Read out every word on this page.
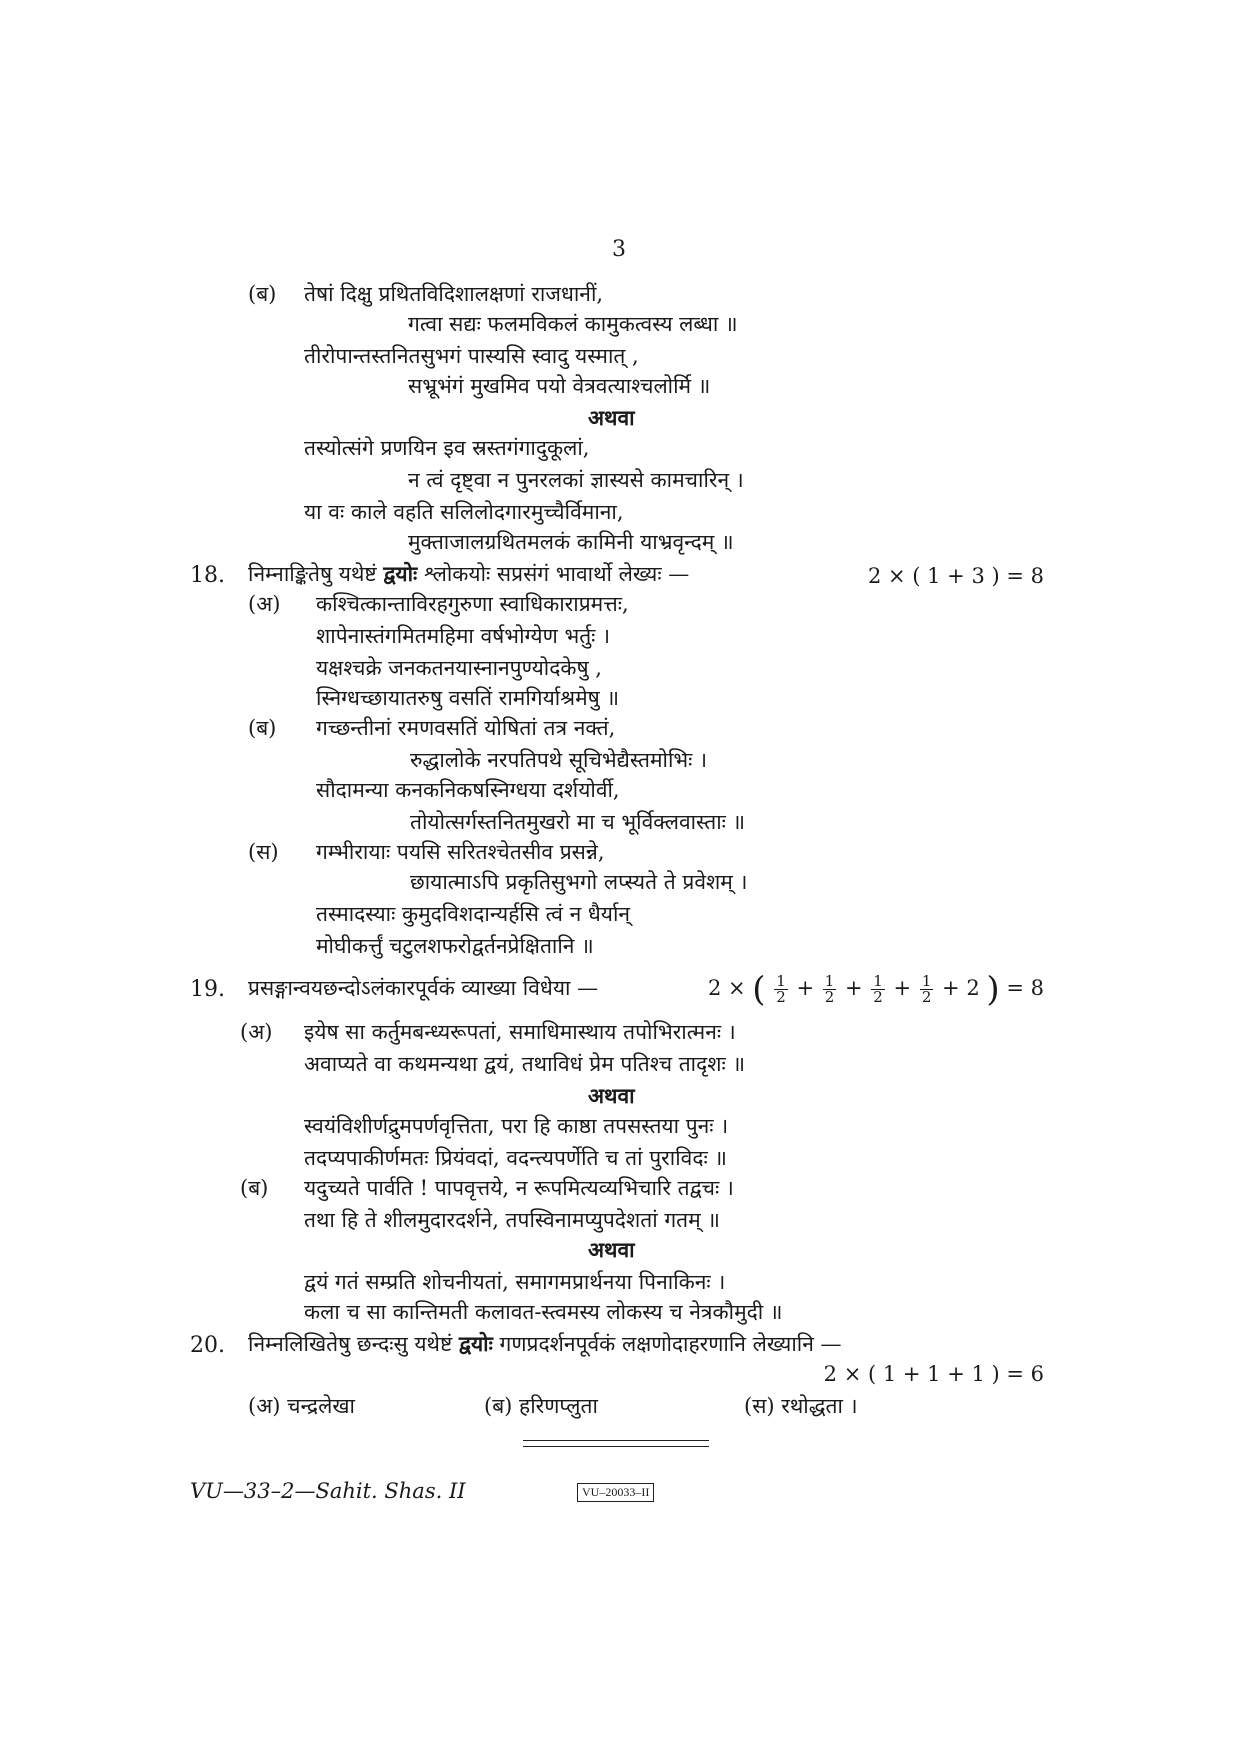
3
(ब) तेषां दिक्षु प्रथितविदिशालक्षणां राजधानीं,
गत्वा सद्यः फलमविकलं कामुकत्वस्य लब्धा ॥
तीरोपान्तस्तनितसुभगं पास्यसि स्वादु यस्मात् ,
सभ्रूभंगं मुखमिव पयो वेत्रवत्याश्चलोर्मि ॥
अथवा
तस्योत्संगे प्रणयिन इव स्रस्तगंगादुकूलां,
न त्वं दृष्ट्वा न पुनरलकां ज्ञास्यसे कामचारिन् ।
या वः काले वहति सलिलोदगारमुच्चैर्विमाना,
मुक्ताजालग्रथितमलकं कामिनी याभ्रवृन्दम् ॥
18. निम्नाङ्कितेषु यथेष्टं द्वयोः श्लोकयोः सप्रसंगं भावार्थो लेख्यः —	2 × ( 1 + 3 ) = 8
(अ) कश्चित्कान्ताविरहगुरुणा स्वाधिकाराप्रमत्तः,
शापेनास्तंगमितमहिमा वर्षभोग्येण भर्तुः ।
यक्षश्चक्रे जनकतनयास्नानपुण्योदकेषु ,
स्निग्धच्छायातरुषु वसतिं रामगिर्याश्रमेषु ॥
(ब) गच्छन्तीनां रमणवसतिं योषितां तत्र नक्तं,
रुद्धालोके नरपतिपथे सूचिभेद्यैस्तमोभिः ।
सौदामन्या कनकनिकषस्निग्धया दर्शयोर्वी,
तोयोत्सर्गस्तनितमुखरो मा च भूर्विक्लवास्ताः ॥
(स) गम्भीरायाः पयसि सरितश्चेतसीव प्रसन्ने,
छायात्माऽपि प्रकृतिसुभगो लप्स्यते ते प्रवेशम् ।
तस्मादस्याः कुमुदविशदान्यर्हसि त्वं न धैर्यान्
मोघीकर्त्तुं चटुलशफरोद्वर्तनप्रेक्षितानि ॥
19. प्रसङ्गान्वयछन्दोऽलंकारपूर्वकं व्याख्या विधेया —	2 × ( $\frac{1}{2} + \frac{1}{2} + \frac{1}{2} + \frac{1}{2} + 2$ ) = 8
(अ) इयेष सा कर्तुमबन्ध्यरूपतां, समाधिमास्थाय तपोभिरात्मनः ।
अवाप्यते वा कथमन्यथा द्वयं, तथाविधं प्रेम पतिश्च तादृशः ॥
अथवा
स्वयंविशीर्णद्रुमपर्णवृत्तिता, परा हि काष्ठा तपसस्तया पुनः ।
तदप्यपाकीर्णमतः प्रियंवदां, वदन्त्यपर्णेति च तां पुराविदः ॥
(ब) यदुच्यते पार्वति ! पापवृत्तये, न रूपमित्यव्यभिचारि तद्वचः ।
तथा हि ते शीलमुदारदर्शने, तपस्विनामप्युपदेशतां गतम् ॥
अथवा
द्वयं गतं सम्प्रति शोचनीयतां, समागमप्रार्थनया पिनाकिनः ।
कला च सा कान्तिमती कलावत-स्त्वमस्य लोकस्य च नेत्रकौमुदी ॥
20. निम्नलिखितेषु छन्दःसु यथेष्टं द्वयोः गणप्रदर्शनपूर्वकं लक्षणोदाहरणानि लेख्यानि —
2 × ( 1 + 1 + 1 ) = 6
(अ) चन्द्रलेखा	(ब) हरिणप्लुता	(स) रथोद्धता ।
VU—33–2—Sahit. Shas. II	VU–20033–II
